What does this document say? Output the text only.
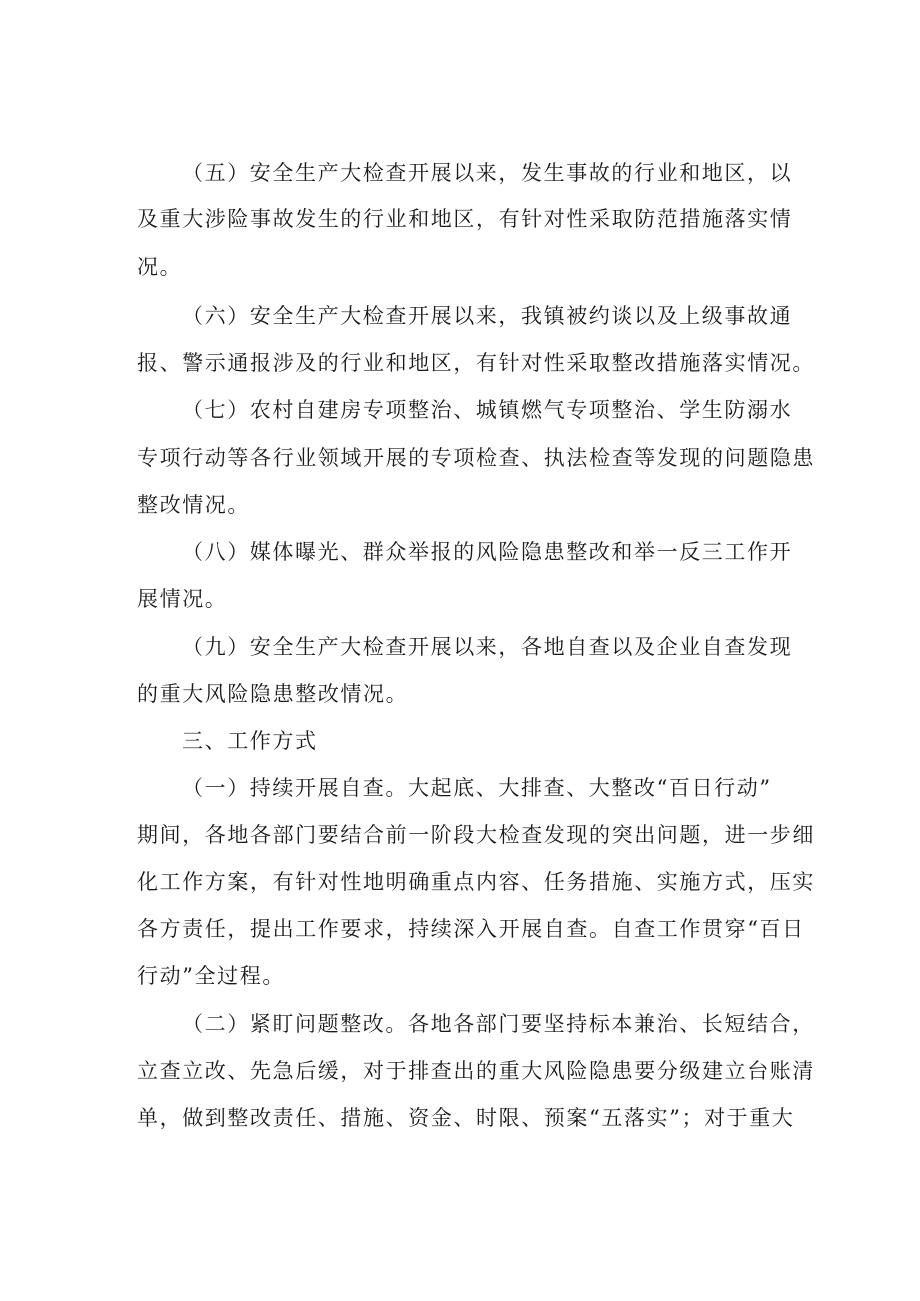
（五）安全生产大检查开展以来，发生事故的行业和地区，以
及重大涉险事故发生的行业和地区，有针对性采取防范措施落实情
况。
（六）安全生产大检查开展以来，我镇被约谈以及上级事故通
报、警示通报涉及的行业和地区，有针对性采取整改措施落实情况。
（七）农村自建房专项整治、城镇燃气专项整治、学生防溺水
专项行动等各行业领域开展的专项检查、执法检查等发现的问题隐患
整改情况。
（八）媒体曝光、群众举报的风险隐患整改和举一反三工作开
展情况。
（九）安全生产大检查开展以来，各地自查以及企业自查发现
的重大风险隐患整改情况。
三、工作方式
（一）持续开展自查。大起底、大排查、大整改“百日行动”
期间，各地各部门要结合前一阶段大检查发现的突出问题，进一步细
化工作方案，有针对性地明确重点内容、任务措施、实施方式，压实
各方责任，提出工作要求，持续深入开展自查。自查工作贯穿“百日
行动”全过程。
（二）紧盯问题整改。各地各部门要坚持标本兼治、长短结合，
立查立改、先急后缓，对于排查出的重大风险隐患要分级建立台账清
单，做到整改责任、措施、资金、时限、预案“五落实”；对于重大
